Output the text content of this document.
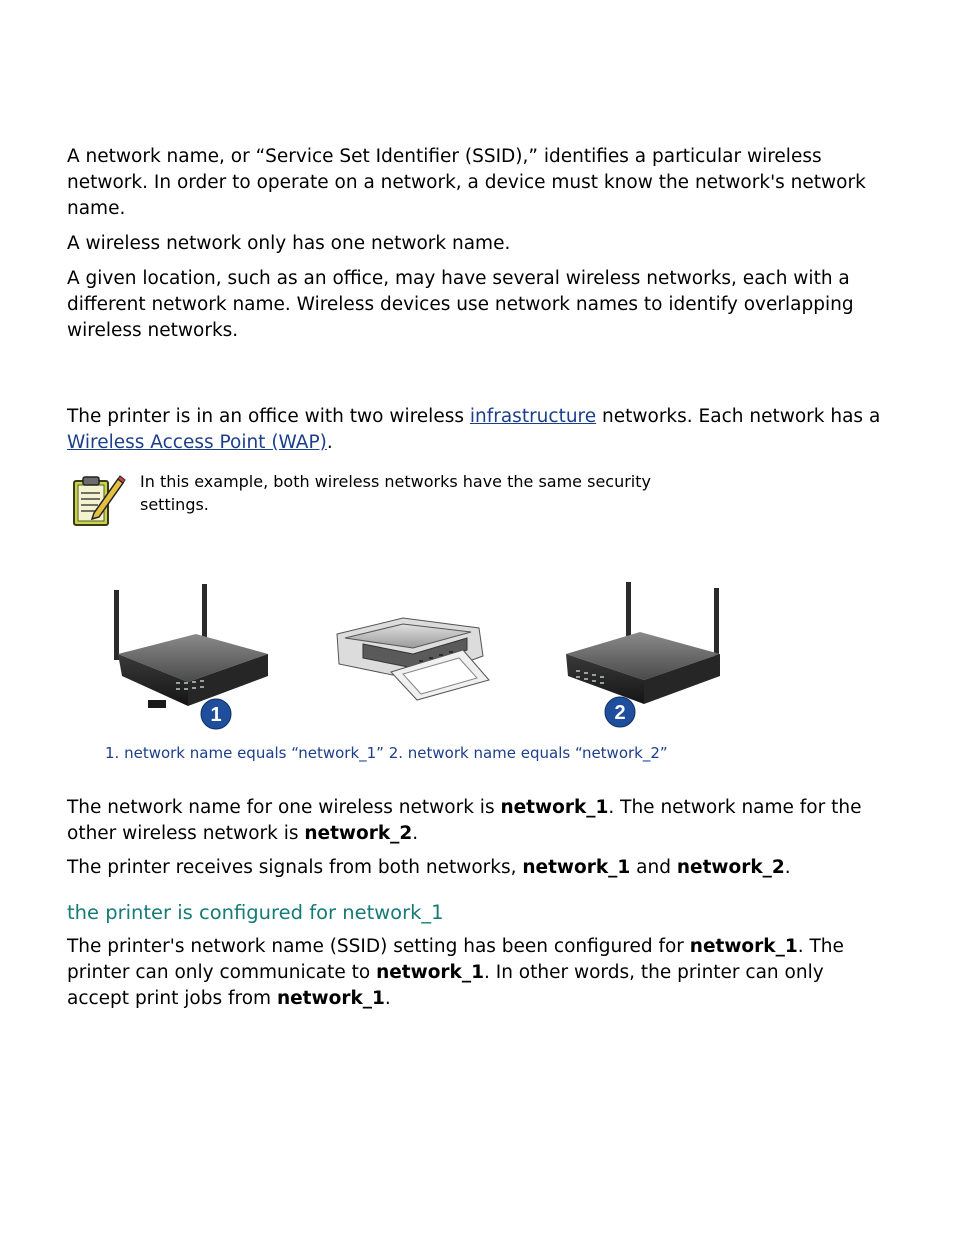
A network name, or “Service Set Identifier (SSID),” identifies a particular wireless network. In order to operate on a network, a device must know the network's network name.

A wireless network only has one network name.

A given location, such as an office, may have several wireless networks, each with a different network name. Wireless devices use network names to identify overlapping wireless networks.

The printer is in an office with two wireless infrastructure networks. Each network has a Wireless Access Point (WAP).

In this example, both wireless networks have the same security settings.
1	2
1. network name equals “network_1” 2. network name equals “network_2”

The network name for one wireless network is network_1. The network name for the other wireless network is network_2.

The printer receives signals from both networks, network_1 and network_2.

the printer is configured for network_1

The printer's network name (SSID) setting has been configured for network_1. The printer can only communicate to network_1. In other words, the printer can only accept print jobs from network_1.
